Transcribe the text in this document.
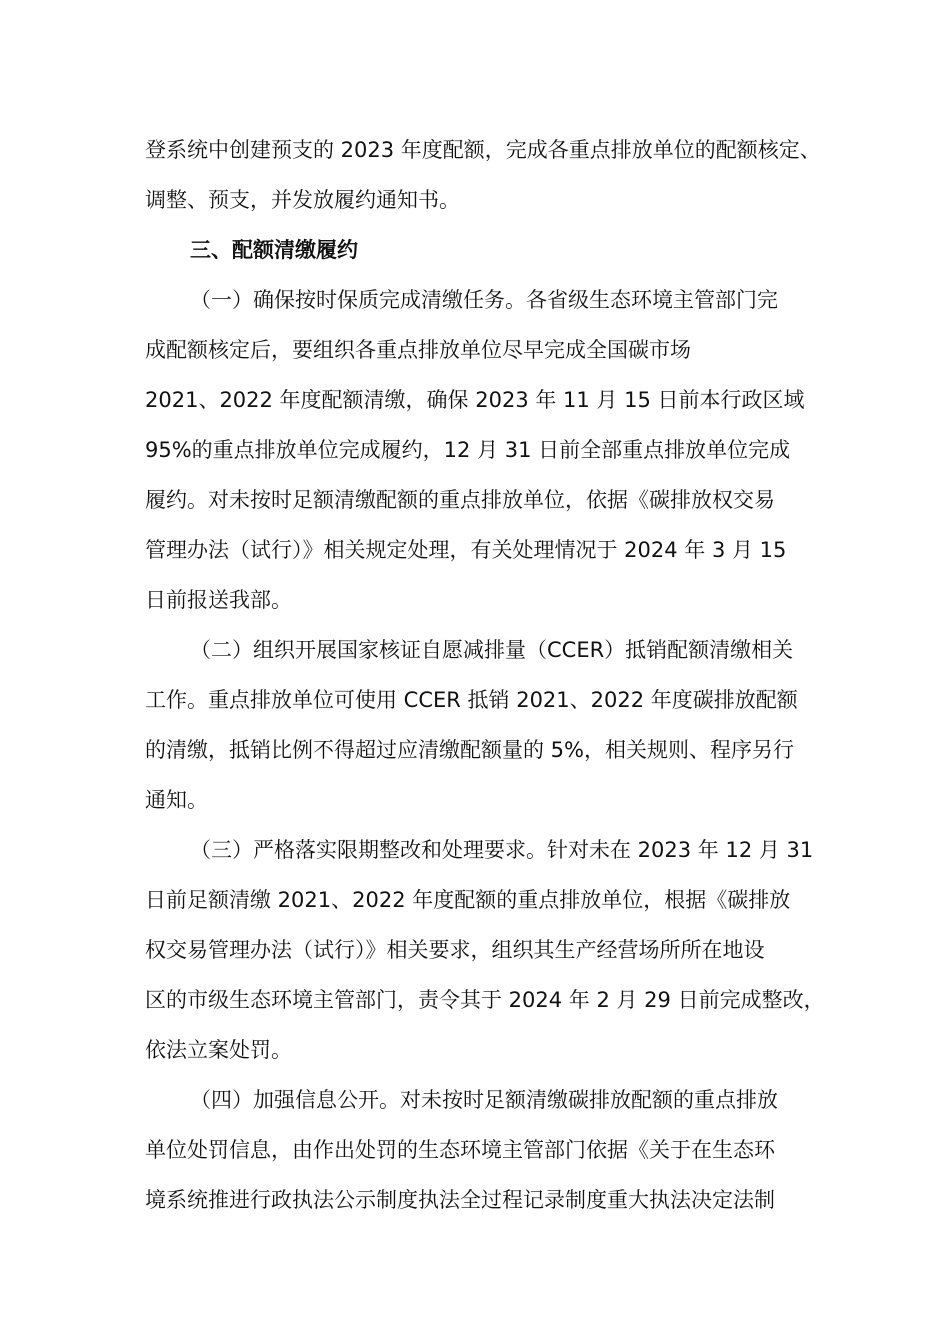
登系统中创建预支的 2023 年度配额，完成各重点排放单位的配额核定、

调整、预支，并发放履约通知书。

三、配额清缴履约

（一）确保按时保质完成清缴任务。各省级生态环境主管部门完

成配额核定后，要组织各重点排放单位尽早完成全国碳市场

2021、2022 年度配额清缴，确保 2023 年 11 月 15 日前本行政区域

95%的重点排放单位完成履约，12 月 31 日前全部重点排放单位完成

履约。对未按时足额清缴配额的重点排放单位，依据《碳排放权交易

管理办法（试行）》相关规定处理，有关处理情况于 2024 年 3 月 15

日前报送我部。

（二）组织开展国家核证自愿减排量（CCER）抵销配额清缴相关

工作。重点排放单位可使用 CCER 抵销 2021、2022 年度碳排放配额

的清缴，抵销比例不得超过应清缴配额量的 5%，相关规则、程序另行

通知。

（三）严格落实限期整改和处理要求。针对未在 2023 年 12 月 31

日前足额清缴 2021、2022 年度配额的重点排放单位，根据《碳排放

权交易管理办法（试行）》相关要求，组织其生产经营场所所在地设

区的市级生态环境主管部门，责令其于 2024 年 2 月 29 日前完成整改，

依法立案处罚。

（四）加强信息公开。对未按时足额清缴碳排放配额的重点排放

单位处罚信息，由作出处罚的生态环境主管部门依据《关于在生态环

境系统推进行政执法公示制度执法全过程记录制度重大执法决定法制
